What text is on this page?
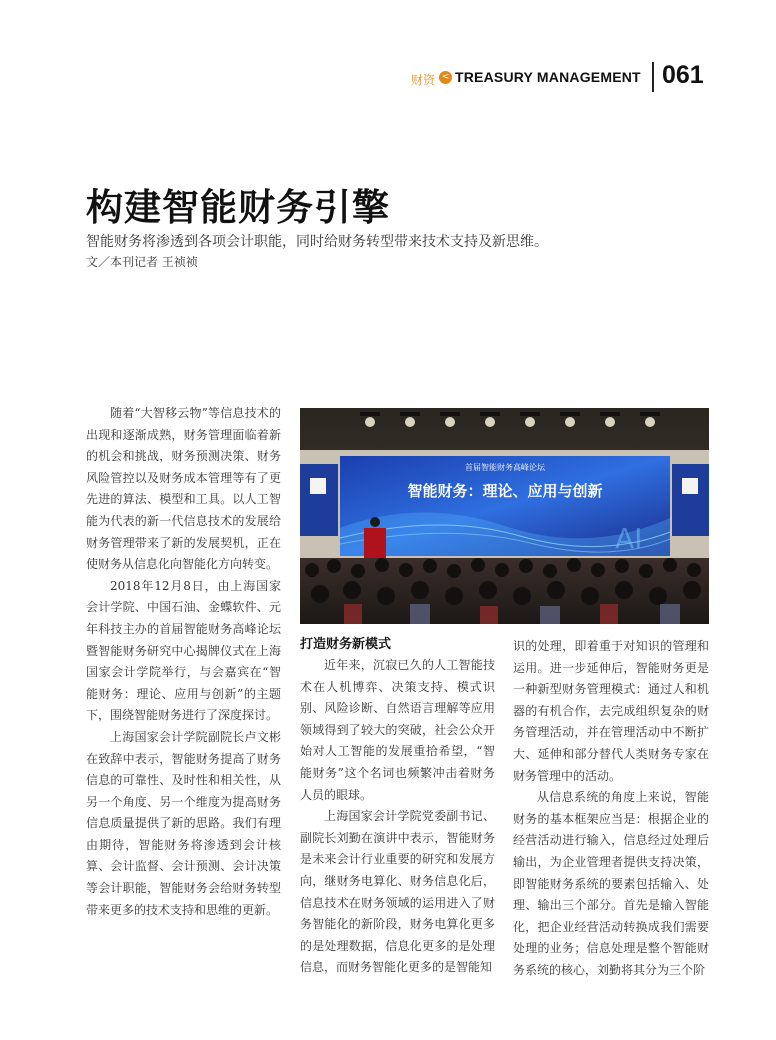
财资 < TREASURY MANAGEMENT 061
构建智能财务引擎
智能财务将渗透到各项会计职能，同时给财务转型带来技术支持及新思维。
文／本刊记者 王祯祯

随着“大智移云物”等信息技术的出现和逐渐成熟，财务管理面临着新的机会和挑战，财务预测决策、财务风险管控以及财务成本管理等有了更先进的算法、模型和工具。以人工智能为代表的新一代信息技术的发展给财务管理带来了新的发展契机，正在使财务从信息化向智能化方向转变。

2018年12月8日，由上海国家会计学院、中国石油、金蝶软件、元年科技主办的首届智能财务高峰论坛暨智能财务研究中心揭牌仪式在上海国家会计学院举行，与会嘉宾在“智能财务：理论、应用与创新”的主题下，围绕智能财务进行了深度探讨。

上海国家会计学院副院长卢文彬在致辞中表示，智能财务提高了财务信息的可靠性、及时性和相关性，从另一个角度、另一个维度为提高财务信息质量提供了新的思路。我们有理由期待，智能财务将渗透到会计核算、会计监督、会计预测、会计决策等会计职能，智能财务会给财务转型带来更多的技术支持和思维的更新。

首届智能财务高峰论坛
智能财务：理论、应用与创新
AI
打造财务新模式

近年来，沉寂已久的人工智能技术在人机博弈、决策支持、模式识别、风险诊断、自然语言理解等应用领域得到了较大的突破，社会公众开始对人工智能的发展重拾希望，“智能财务”这个名词也频繁冲击着财务人员的眼球。

上海国家会计学院党委副书记、副院长刘勤在演讲中表示，智能财务是未来会计行业重要的研究和发展方向，继财务电算化、财务信息化后，信息技术在财务领域的运用进入了财务智能化的新阶段，财务电算化更多的是处理数据，信息化更多的是处理信息，而财务智能化更多的是智能知

识的处理，即着重于对知识的管理和运用。进一步延伸后，智能财务更是一种新型财务管理模式：通过人和机器的有机合作，去完成组织复杂的财务管理活动，并在管理活动中不断扩大、延伸和部分替代人类财务专家在财务管理中的活动。

从信息系统的角度上来说，智能财务的基本框架应当是：根据企业的经营活动进行输入，信息经过处理后输出，为企业管理者提供支持决策，即智能财务系统的要素包括输入、处理、输出三个部分。首先是输入智能化，把企业经营活动转换成我们需要处理的业务；信息处理是整个智能财务系统的核心，刘勤将其分为三个阶
